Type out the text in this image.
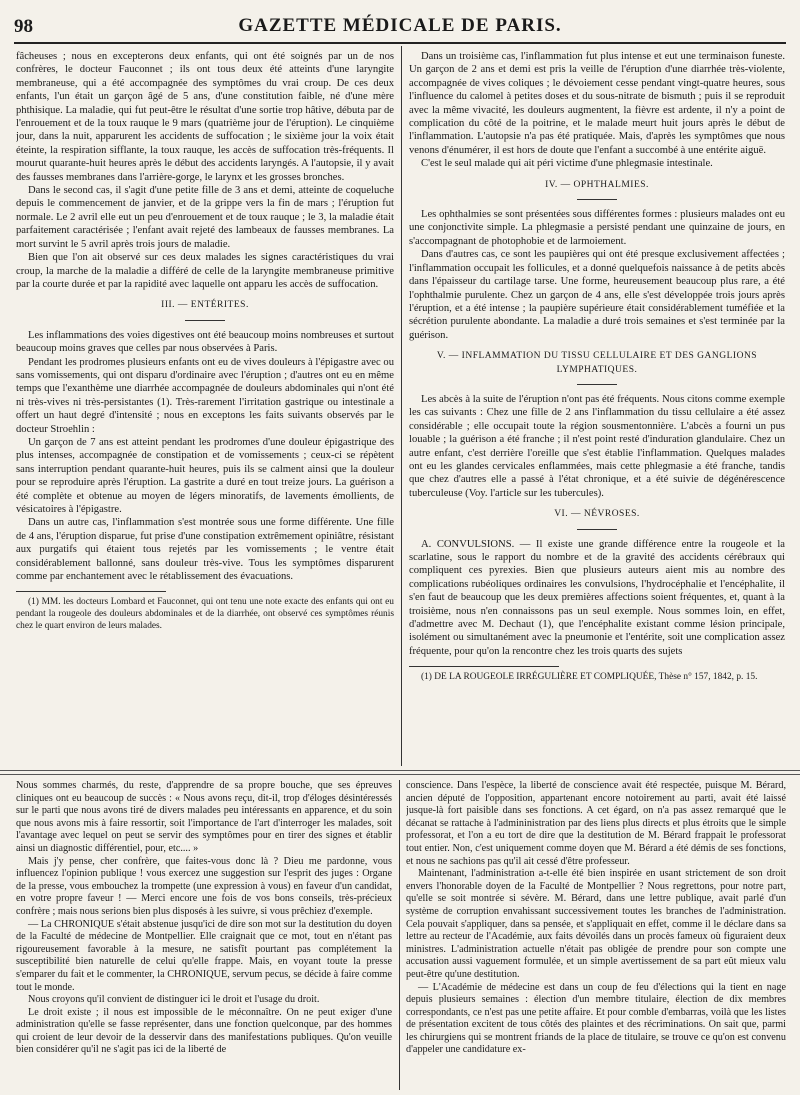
98	GAZETTE MÉDICALE DE PARIS.

fâcheuses ; nous en excepterons deux enfants, qui ont été soignés par un de nos confrères, le docteur Fauconnet ; ils ont tous deux été atteints d'une laryngite membraneuse, qui a été accompagnée des symptômes du vrai croup. De ces deux enfants, l'un était un garçon âgé de 5 ans, d'une constitution faible, né d'une mère phthisique. La maladie, qui fut peut-être le résultat d'une sortie trop hâtive, débuta par de l'enrouement et de la toux rauque le 9 mars (quatrième jour de l'éruption). Le cinquième jour, dans la nuit, apparurent les accidents de suffocation ; le sixième jour la voix était éteinte, la respiration sifflante, la toux rauque, les accès de suffocation très-fréquents. Il mourut quarante-huit heures après le début des accidents laryngés. A l'autopsie, il y avait des fausses membranes dans l'arrière-gorge, le larynx et les grosses bronches.

Dans le second cas, il s'agit d'une petite fille de 3 ans et demi, atteinte de coqueluche depuis le commencement de janvier, et de la grippe vers la fin de mars ; l'éruption fut normale. Le 2 avril elle eut un peu d'enrouement et de toux rauque ; le 3, la maladie était parfaitement caractérisée ; l'enfant avait rejeté des lambeaux de fausses membranes. La mort survint le 5 avril après trois jours de maladie.

Bien que l'on ait observé sur ces deux malades les signes caractéristiques du vrai croup, la marche de la maladie a différé de celle de la laryngite membraneuse primitive par la courte durée et par la rapidité avec laquelle ont apparu les accès de suffocation.

III. — ENTÉRITES.

Les inflammations des voies digestives ont été beaucoup moins nombreuses et surtout beaucoup moins graves que celles par nous observées à Paris.

Pendant les prodromes plusieurs enfants ont eu de vives douleurs à l'épigastre avec ou sans vomissements, qui ont disparu d'ordinaire avec l'éruption ; d'autres ont eu en même temps que l'exanthème une diarrhée accompagnée de douleurs abdominales qui n'ont été ni très-vives ni très-persistantes (1). Très-rarement l'irritation gastrique ou intestinale a offert un haut degré d'intensité ; nous en exceptons les faits suivants observés par le docteur Stroehlin :

Un garçon de 7 ans est atteint pendant les prodromes d'une douleur épigastrique des plus intenses, accompagnée de constipation et de vomissements ; ceux-ci se répètent sans interruption pendant quarante-huit heures, puis ils se calment ainsi que la douleur pour se reproduire après l'éruption. La gastrite a duré en tout treize jours. La guérison a été complète et obtenue au moyen de légers minoratifs, de lavements émollients, de vésicatoires à l'épigastre.

Dans un autre cas, l'inflammation s'est montrée sous une forme différente. Une fille de 4 ans, l'éruption disparue, fut prise d'une constipation extrêmement opiniâtre, résistant aux purgatifs qui étaient tous rejetés par les vomissements ; le ventre était considérablement ballonné, sans douleur très-vive. Tous les symptômes disparurent comme par enchantement avec le rétablissement des évacuations.

(1) MM. les docteurs Lombard et Fauconnet, qui ont tenu une note exacte des enfants qui ont eu pendant la rougeole des douleurs abdominales et de la diarrhée, ont observé ces symptômes réunis chez le quart environ de leurs malades.

Dans un troisième cas, l'inflammation fut plus intense et eut une terminaison funeste. Un garçon de 2 ans et demi est pris la veille de l'éruption d'une diarrhée très-violente, accompagnée de vives coliques ; le dévoiement cesse pendant vingt-quatre heures, sous l'influence du calomel à petites doses et du sous-nitrate de bismuth ; puis il se reproduit avec la même vivacité, les douleurs augmentent, la fièvre est ardente, il n'y a point de complication du côté de la poitrine, et le malade meurt huit jours après le début de l'inflammation. L'autopsie n'a pas été pratiquée. Mais, d'après les symptômes que nous venons d'énumérer, il est hors de doute que l'enfant a succombé à une entérite aiguë.

C'est le seul malade qui ait péri victime d'une phlegmasie intestinale.

IV. — OPHTHALMIES.

Les ophthalmies se sont présentées sous différentes formes : plusieurs malades ont eu une conjonctivite simple. La phlegmasie a persisté pendant une quinzaine de jours, en s'accompagnant de photophobie et de larmoiement.

Dans d'autres cas, ce sont les paupières qui ont été presque exclusivement affectées ; l'inflammation occupait les follicules, et a donné quelquefois naissance à de petits abcès dans l'épaisseur du cartilage tarse. Une forme, heureusement beaucoup plus rare, a été l'ophthalmie purulente. Chez un garçon de 4 ans, elle s'est développée trois jours après l'éruption, et a été intense ; la paupière supérieure était considérablement tuméfiée et la sécrétion purulente abondante. La maladie a duré trois semaines et s'est terminée par la guérison.

V. — INFLAMMATION DU TISSU CELLULAIRE ET DES GANGLIONS LYMPHATIQUES.

Les abcès à la suite de l'éruption n'ont pas été fréquents. Nous citons comme exemple les cas suivants : Chez une fille de 2 ans l'inflammation du tissu cellulaire a été assez considérable ; elle occupait toute la région sousmentonnière. L'abcès a fourni un pus louable ; la guérison a été franche ; il n'est point resté d'induration glandulaire. Chez un autre enfant, c'est derrière l'oreille que s'est établie l'inflammation. Quelques malades ont eu les glandes cervicales enflammées, mais cette phlegmasie a été franche, tandis que chez d'autres elle a passé à l'état chronique, et a été suivie de dégénérescence tuberculeuse (Voy. l'article sur les tubercules).

VI. — NÉVROSES.

A. CONVULSIONS. — Il existe une grande différence entre la rougeole et la scarlatine, sous le rapport du nombre et de la gravité des accidents cérébraux qui compliquent ces pyrexies. Bien que plusieurs auteurs aient mis au nombre des complications rubéoliques ordinaires les convulsions, l'hydrocéphalie et l'encéphalite, il s'en faut de beaucoup que les deux premières affections soient fréquentes, et, quant à la troisième, nous n'en connaissons pas un seul exemple. Nous sommes loin, en effet, d'admettre avec M. Dechaut (1), que l'encéphalite existant comme lésion principale, isolément ou simultanément avec la pneumonie et l'entérite, soit une complication assez fréquente, pour qu'on la rencontre chez les trois quarts des sujets

(1) DE LA ROUGEOLE IRRÉGULIÈRE ET COMPLIQUÉE, Thèse n° 157, 1842, p. 15.

Nous sommes charmés, du reste, d'apprendre de sa propre bouche, que ses épreuves cliniques ont eu beaucoup de succès : « Nous avons reçu, dit-il, trop d'éloges désintéressés sur le parti que nous avons tiré de divers malades peu intéressants en apparence, et du soin que nous avons mis à faire ressortir, soit l'importance de l'art d'interroger les malades, soit l'avantage avec lequel on peut se servir des symptômes pour en tirer des signes et établir ainsi un diagnostic différentiel, pour, etc.... »

Mais j'y pense, cher confrère, que faites-vous donc là ? Dieu me pardonne, vous influencez l'opinion publique ! vous exercez une suggestion sur l'esprit des juges : Organe de la presse, vous embouchez la trompette (une expression à vous) en faveur d'un candidat, en votre propre faveur ! — Merci encore une fois de vos bons conseils, très-précieux confrère ; mais nous serions bien plus disposés à les suivre, si vous prêchiez d'exemple.

— La CHRONIQUE s'était abstenue jusqu'ici de dire son mot sur la destitution du doyen de la Faculté de médecine de Montpellier. Elle craignait que ce mot, tout en n'étant pas rigoureusement favorable à la mesure, ne satisfît pourtant pas complétement la susceptibilité bien naturelle de celui qu'elle frappe. Mais, en voyant toute la presse s'emparer du fait et le commenter, la CHRONIQUE, servum pecus, se décide à faire comme tout le monde.

Nous croyons qu'il convient de distinguer ici le droit et l'usage du droit.

Le droit existe ; il nous est impossible de le méconnaître. On ne peut exiger d'une administration qu'elle se fasse représenter, dans une fonction quelconque, par des hommes qui croient de leur devoir de la desservir dans des manifestations publiques. Qu'on veuille bien considérer qu'il ne s'agit pas ici de la liberté de

conscience. Dans l'espèce, la liberté de conscience avait été respectée, puisque M. Bérard, ancien député de l'opposition, appartenant encore notoirement au parti, avait été laissé jusque-là fort paisible dans ses fonctions. A cet égard, on n'a pas assez remarqué que le décanat se rattache à l'admininistration par des liens plus directs et plus étroits que le simple professorat, et l'on a eu tort de dire que la destitution de M. Bérard frappait le professorat tout entier. Non, c'est uniquement comme doyen que M. Bérard a été démis de ses fonctions, et nous ne sachions pas qu'il ait cessé d'être professeur.

Maintenant, l'administration a-t-elle été bien inspirée en usant strictement de son droit envers l'honorable doyen de la Faculté de Montpellier ? Nous regrettons, pour notre part, qu'elle se soit montrée si sévère. M. Bérard, dans une lettre publique, avait parlé d'un système de corruption envahissant successivement toutes les branches de l'administration. Cela pouvait s'appliquer, dans sa pensée, et s'appliquait en effet, comme il le déclare dans sa lettre au recteur de l'Académie, aux faits dévoilés dans un procès fameux où figuraient deux ministres. L'administration actuelle n'était pas obligée de prendre pour son compte une accusation aussi vaguement formulée, et un simple avertissement de sa part eût mieux valu peut-être qu'une destitution.

— L'Académie de médecine est dans un coup de feu d'élections qui la tient en nage depuis plusieurs semaines : élection d'un membre titulaire, élection de dix membres correspondants, ce n'est pas une petite affaire. Et pour comble d'embarras, voilà que les listes de présentation excitent de tous côtés des plaintes et des récriminations. On sait que, parmi les chirurgiens qui se montrent friands de la place de titulaire, se trouve ce qu'on est convenu d'appeler une candidature ex-
